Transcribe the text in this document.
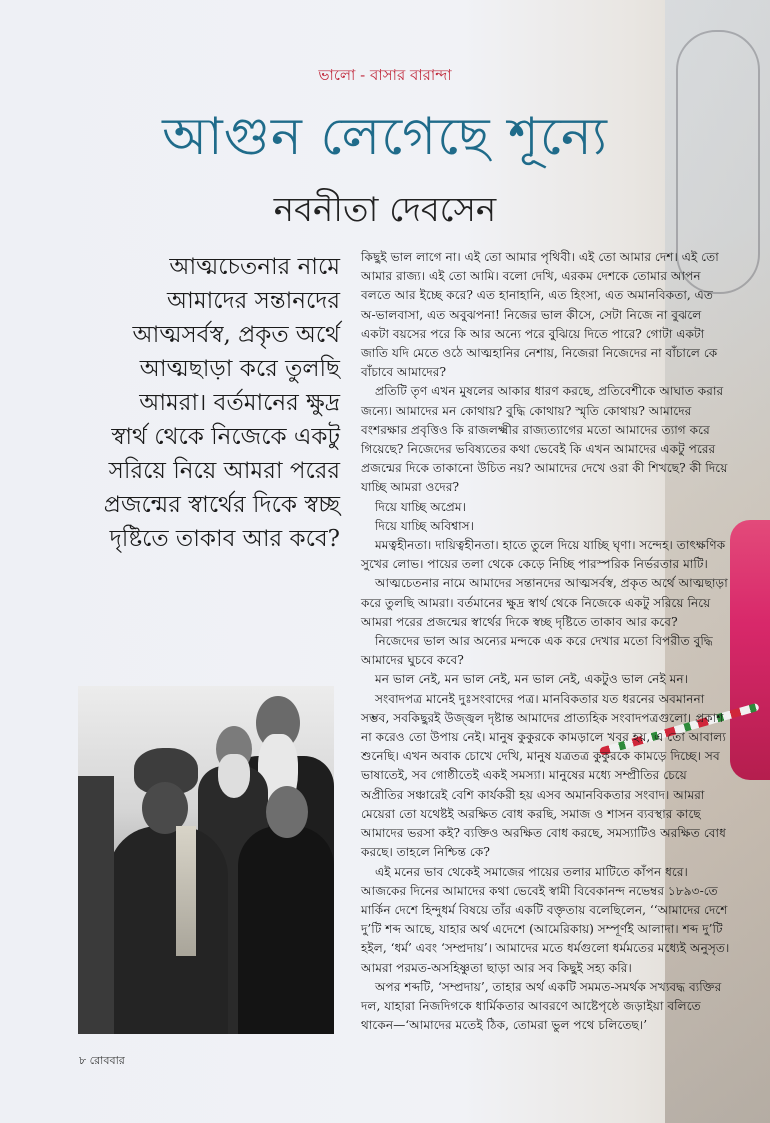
ভালো - বাসার বারান্দা
আগুন লেগেছে শূন্যে
নবনীতা দেবসেন
আত্মচেতনার নামে আমাদের সন্তানদের আত্মসর্বস্ব, প্রকৃত অর্থে আত্মছাড়া করে তুলছি আমরা। বর্তমানের ক্ষুদ্র স্বার্থ থেকে নিজেকে একটু সরিয়ে নিয়ে আমরা পরের প্রজন্মের স্বার্থের দিকে স্বচ্ছ দৃষ্টিতে তাকাব আর কবে?

কিছুই ভাল লাগে না। এই তো আমার পৃথিবী। এই তো আমার দেশ। এই তো আমার রাজ্য। এই তো আমি। বলো দেখি, এরকম দেশকে তোমার আপন বলতে আর ইচ্ছে করে? এত হানাহানি, এত হিংসা, এত অমানবিকতা, এত অ-ভালবাসা, এত অবুঝপনা! নিজের ভাল কীসে, সেটা নিজে না বুঝলে একটা বয়সের পরে কি আর অন্যে পরে বুঝিয়ে দিতে পারে? গোটা একটা জাতি যদি মেতে ওঠে আত্মহানির নেশায়, নিজেরা নিজেদের না বাঁচালে কে বাঁচাবে আমাদের?

প্রতিটি তৃণ এখন মুষলের আকার ধারণ করছে, প্রতিবেশীকে আঘাত করার জন্যে। আমাদের মন কোথায়? বুদ্ধি কোথায়? স্মৃতি কোথায়? আমাদের বংশরক্ষার প্রবৃত্তিও কি রাজলক্ষ্মীর রাজ্যত্যাগের মতো আমাদের ত্যাগ করে গিয়েছে? নিজেদের ভবিষ্যতের কথা ভেবেই কি এখন আমাদের একটু পরের প্রজন্মের দিকে তাকানো উচিত নয়? আমাদের দেখে ওরা কী শিখছে? কী দিয়ে যাচ্ছি আমরা ওদের?

দিয়ে যাচ্ছি অপ্রেম।

দিয়ে যাচ্ছি অবিশ্বাস।

মমত্বহীনতা। দায়িত্বহীনতা। হাতে তুলে দিয়ে যাচ্ছি ঘৃণা। সন্দেহ। তাৎক্ষণিক সুখের লোভ। পায়ের তলা থেকে কেড়ে নিচ্ছি পারস্পরিক নির্ভরতার মাটি।

আত্মচেতনার নামে আমাদের সন্তানদের আত্মসর্বস্ব, প্রকৃত অর্থে আত্মছাড়া করে তুলছি আমরা। বর্তমানের ক্ষুদ্র স্বার্থ থেকে নিজেকে একটু সরিয়ে নিয়ে আমরা পরের প্রজন্মের স্বার্থের দিকে স্বচ্ছ দৃষ্টিতে তাকাব আর কবে?

নিজেদের ভাল আর অন্যের মন্দকে এক করে দেখার মতো বিপরীত বুদ্ধি আমাদের ঘুচবে কবে?

মন ভাল নেই, মন ভাল নেই, মন ভাল নেই, একটুও ভাল নেই মন।

সংবাদপত্র মানেই দুঃসংবাদের পত্র। মানবিকতার যত ধরনের অবমাননা সম্ভব, সবকিছুরই উজ্জ্বল দৃষ্টান্ত আমাদের প্রাত্যহিক সংবাদপত্রগুলো। প্রকাশ না করেও তো উপায় নেই। মানুষ কুকুরকে কামড়ালে খবর হয়, এ তো আবাল্য শুনেছি। এখন অবাক চোখে দেখি, মানুষ যত্রতত্র কুকুরকে কামড়ে দিচ্ছে। সব ভাষাতেই, সব গোষ্ঠীতেই একই সমস্যা। মানুষের মধ্যে সম্প্রীতির চেয়ে অপ্রীতির সঞ্চারেই বেশি কার্যকরী হয় এসব অমানবিকতার সংবাদ। আমরা মেয়েরা তো যথেষ্টই অরক্ষিত বোধ করছি, সমাজ ও শাসন ব্যবস্থার কাছে আমাদের ভরসা কই? ব্যক্তিও অরক্ষিত বোধ করছে, সমস্যাটিও অরক্ষিত বোধ করছে। তাহলে নিশ্চিন্ত কে?

এই মনের ভাব থেকেই সমাজের পায়ের তলার মাটিতে কাঁপন ধরে। আজকের দিনের আমাদের কথা ভেবেই স্বামী বিবেকানন্দ নভেম্বর ১৮৯৩-তে মার্কিন দেশে হিন্দুধর্ম বিষয়ে তাঁর একটি বক্তৃতায় বলেছিলেন, ‘‘আমাদের দেশে দু’টি শব্দ আছে, যাহার অর্থ এদেশে (আমেরিকায়) সম্পূর্ণই আলাদা। শব্দ দু’টি হইল, ‘ধর্ম’ এবং ‘সম্প্রদায়’। আমাদের মতে ধর্মগুলো ধর্মমতের মধ্যেই অনুসৃত। আমরা পরমত-অসহিষ্ণুতা ছাড়া আর সব কিছুই সহ্য করি।

অপর শব্দটি, ‘সম্প্রদায়’, তাহার অর্থ একটি সমমত-সমর্থক সখ্যবদ্ধ ব্যক্তির দল, যাহারা নিজদিগকে ধার্মিকতার আবরণে আষ্টেপৃষ্ঠে জড়াইয়া বলিতে থাকেন—‘আমাদের মতেই ঠিক, তোমরা ভুল পথে চলিতেছ।’

৮ রোববার
